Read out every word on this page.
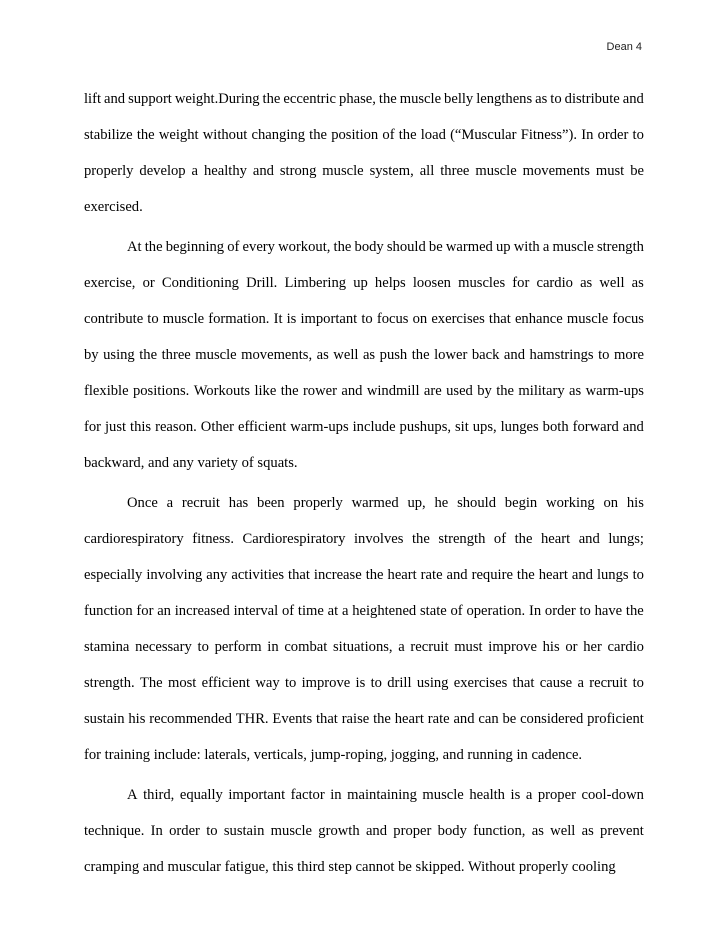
Dean 4
lift and support weight.During the eccentric phase, the muscle belly lengthens as to distribute and
stabilize the weight without changing the position of the load (“Muscular Fitness”). In order to
properly develop a healthy and strong muscle system, all three muscle movements must be
exercised.
At the beginning of every workout, the body should be warmed up with a muscle strength
exercise, or Conditioning Drill. Limbering up helps loosen muscles for cardio as well as
contribute to muscle formation. It is important to focus on exercises that enhance muscle focus
by using the three muscle movements, as well as push the lower back and hamstrings to more
flexible positions. Workouts like the rower and windmill are used by the military as warm-ups
for just this reason. Other efficient warm-ups include pushups, sit ups, lunges both forward and
backward, and any variety of squats.
Once a recruit has been properly warmed up, he should begin working on his
cardiorespiratory fitness. Cardiorespiratory involves the strength of the heart and lungs;
especially involving any activities that increase the heart rate and require the heart and lungs to
function for an increased interval of time at a heightened state of operation. In order to have the
stamina necessary to perform in combat situations, a recruit must improve his or her cardio
strength. The most efficient way to improve is to drill using exercises that cause a recruit to
sustain his recommended THR. Events that raise the heart rate and can be considered proficient
for training include: laterals, verticals, jump-roping, jogging, and running in cadence.
A third, equally important factor in maintaining muscle health is a proper cool-down
technique. In order to sustain muscle growth and proper body function, as well as prevent
cramping and muscular fatigue, this third step cannot be skipped. Without properly cooling
